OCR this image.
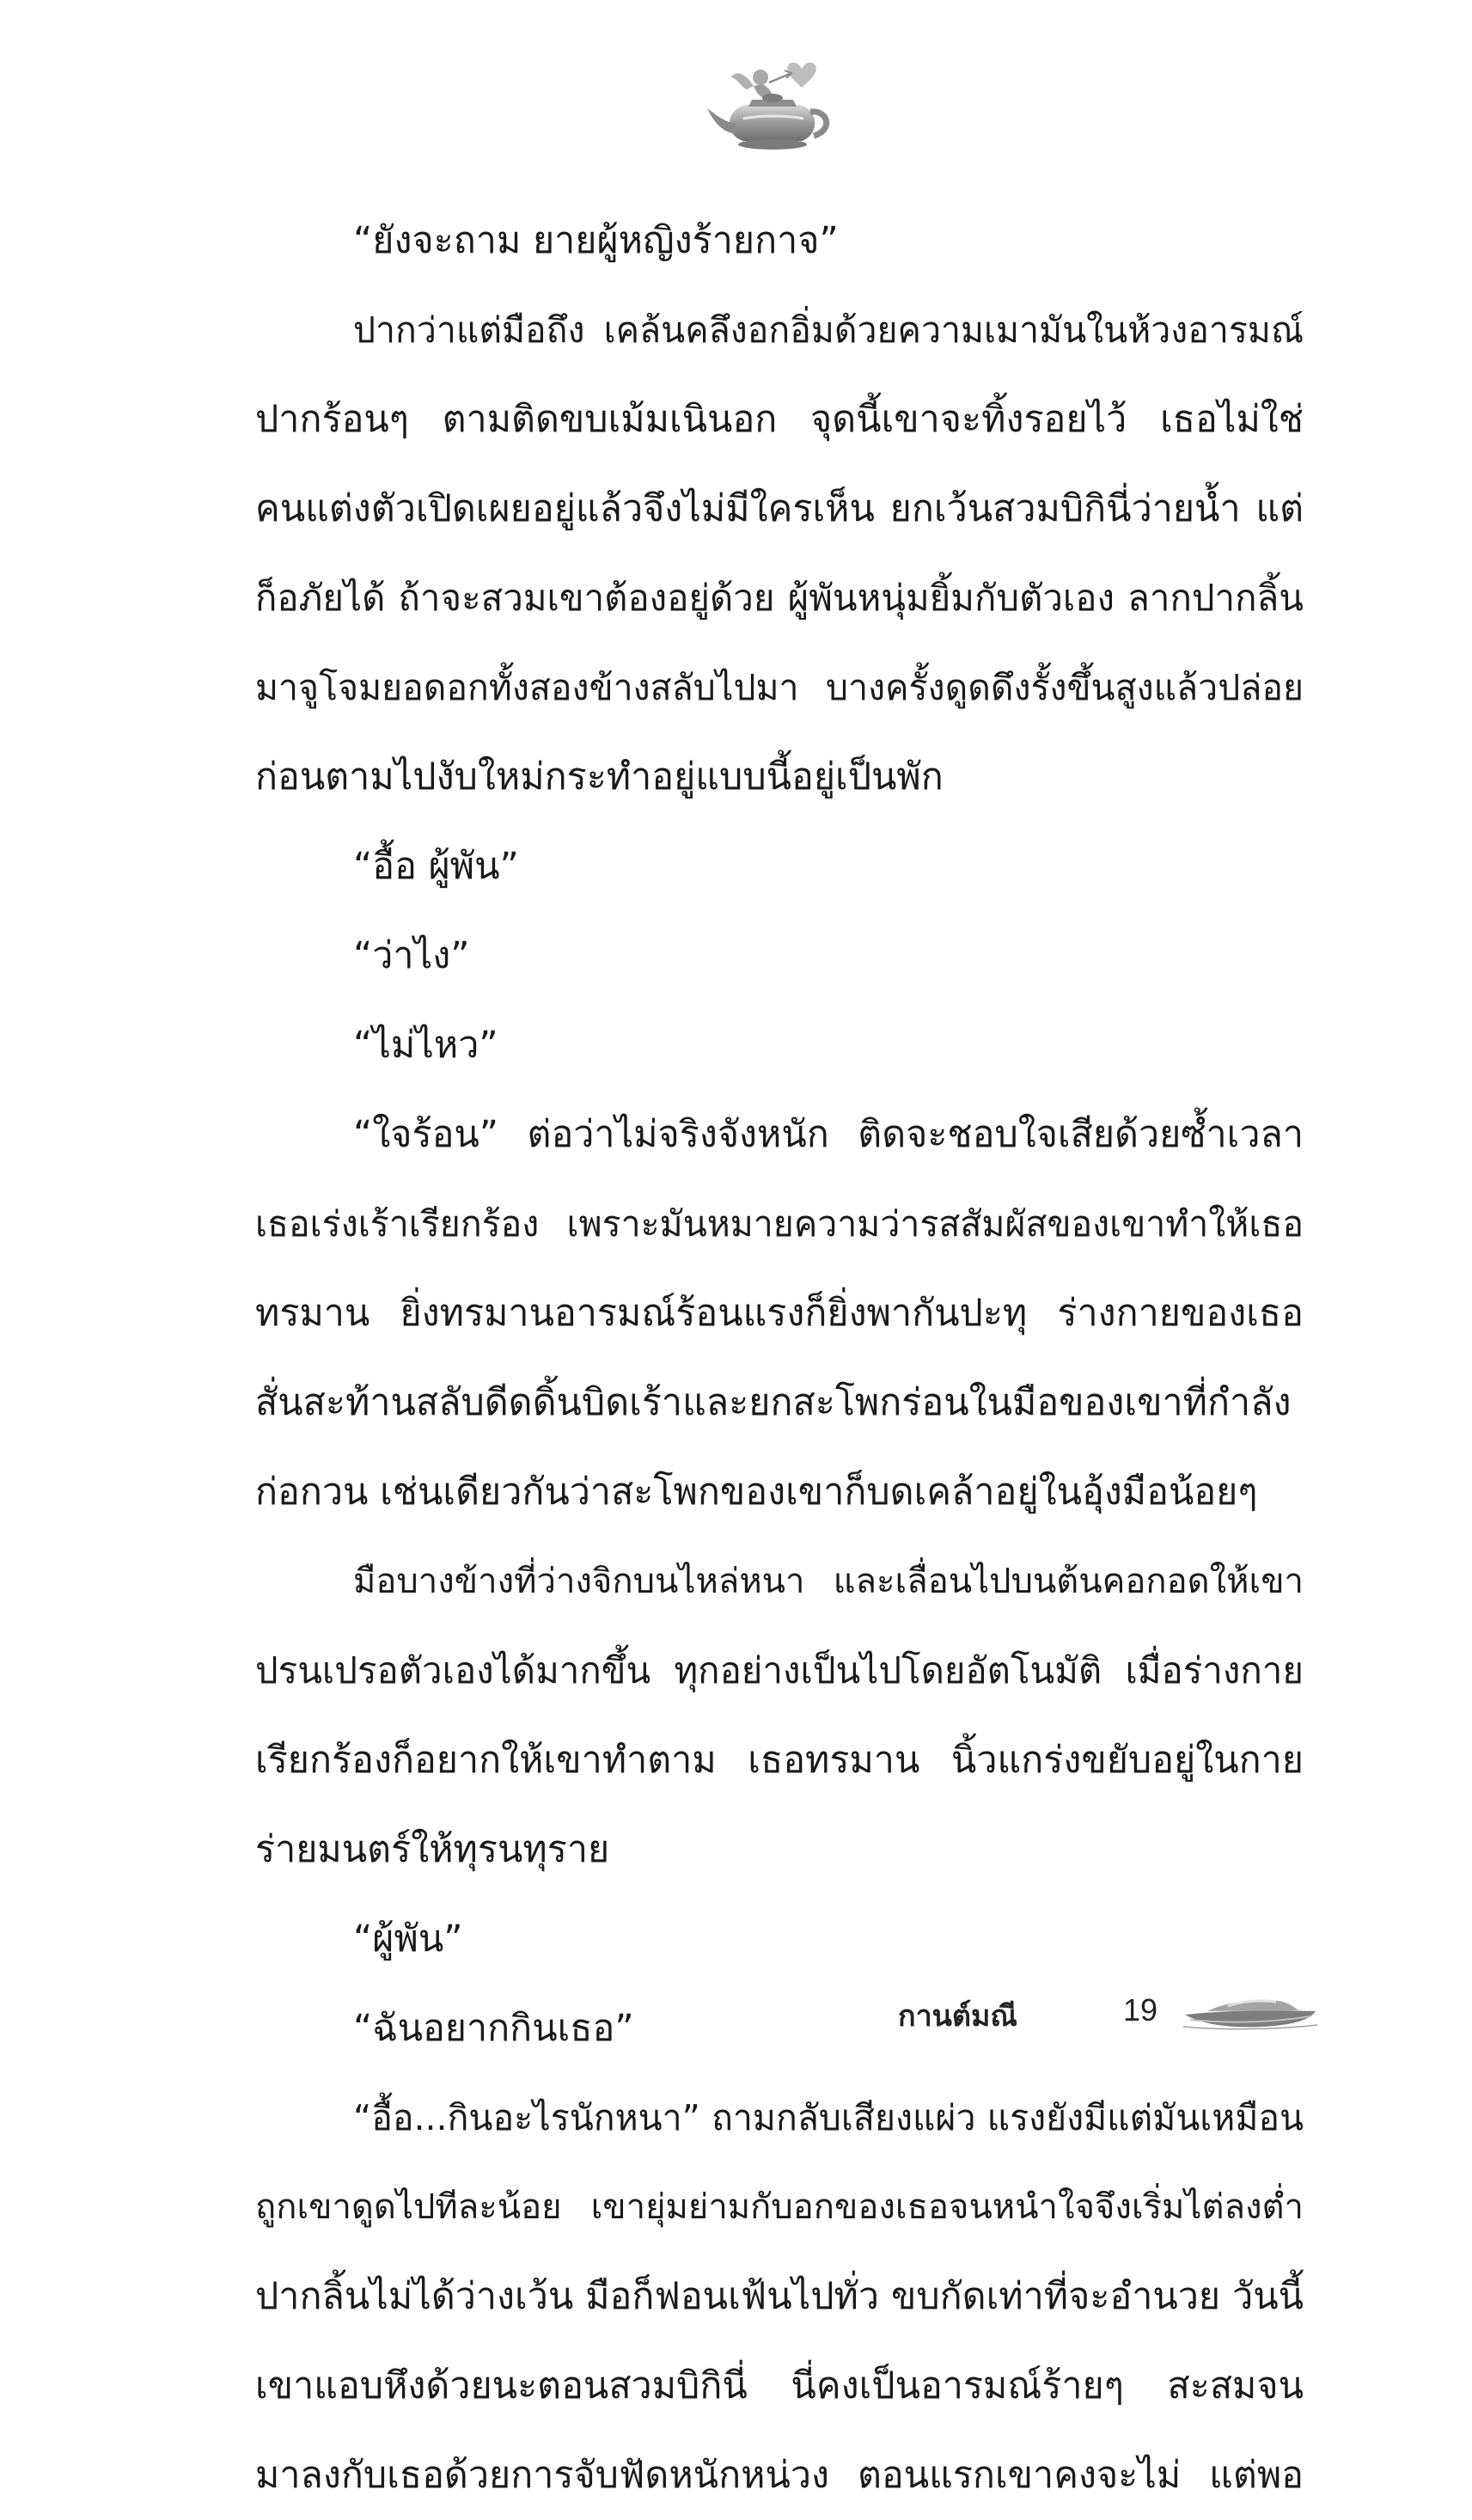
“ยังจะถาม ยายผู้หญิงร้ายกาจ”
ปากว่าแต่มือถึง เคล้นคลึงอกอิ่มด้วยความเมามันในห้วงอารมณ์
ปากร้อนๆ ตามติดขบเม้มเนินอก จุดนี้เขาจะทิ้งรอยไว้ เธอไม่ใช่
คนแต่งตัวเปิดเผยอยู่แล้วจึงไม่มีใครเห็น ยกเว้นสวมบิกินี่ว่ายน้ำ แต่
ก็อภัยได้ ถ้าจะสวมเขาต้องอยู่ด้วย ผู้พันหนุ่มยิ้มกับตัวเอง ลากปากลิ้น
มาจูโจมยอดอกทั้งสองข้างสลับไปมา บางครั้งดูดดึงรั้งขึ้นสูงแล้วปล่อย
ก่อนตามไปงับใหม่กระทำอยู่แบบนี้อยู่เป็นพัก
“อื้อ ผู้พัน”
“ว่าไง”
“ไม่ไหว”
“ใจร้อน” ต่อว่าไม่จริงจังหนัก ติดจะชอบใจเสียด้วยซ้ำเวลา
เธอเร่งเร้าเรียกร้อง เพราะมันหมายความว่ารสสัมผัสของเขาทำให้เธอ
ทรมาน ยิ่งทรมานอารมณ์ร้อนแรงก็ยิ่งพากันปะทุ ร่างกายของเธอ
สั่นสะท้านสลับดีดดิ้นบิดเร้าและยกสะโพกร่อนในมือของเขาที่กำลัง
ก่อกวน เช่นเดียวกันว่าสะโพกของเขาก็บดเคล้าอยู่ในอุ้งมือน้อยๆ
มือบางข้างที่ว่างจิกบนไหล่หนา และเลื่อนไปบนต้นคอกอดให้เขา
ปรนเปรอตัวเองได้มากขึ้น ทุกอย่างเป็นไปโดยอัตโนมัติ เมื่อร่างกาย
เรียกร้องก็อยากให้เขาทำตาม เธอทรมาน นิ้วแกร่งขยับอยู่ในกาย
ร่ายมนตร์ให้ทุรนทุราย
“ผู้พัน”
“ฉันอยากกินเธอ”
“อื้อ...กินอะไรนักหนา” ถามกลับเสียงแผ่ว แรงยังมีแต่มันเหมือน
ถูกเขาดูดไปทีละน้อย เขายุ่มย่ามกับอกของเธอจนหนำใจจึงเริ่มไต่ลงต่ำ
ปากลิ้นไม่ได้ว่างเว้น มือก็ฟอนเฟ้นไปทั่ว ขบกัดเท่าที่จะอำนวย วันนี้
เขาแอบหึงด้วยนะตอนสวมบิกินี่ นี่คงเป็นอารมณ์ร้ายๆ สะสมจน
มาลงกับเธอด้วยการจับฟัดหนักหน่วง ตอนแรกเขาคงจะไม่ แต่พอ
กานต์มณี	19
